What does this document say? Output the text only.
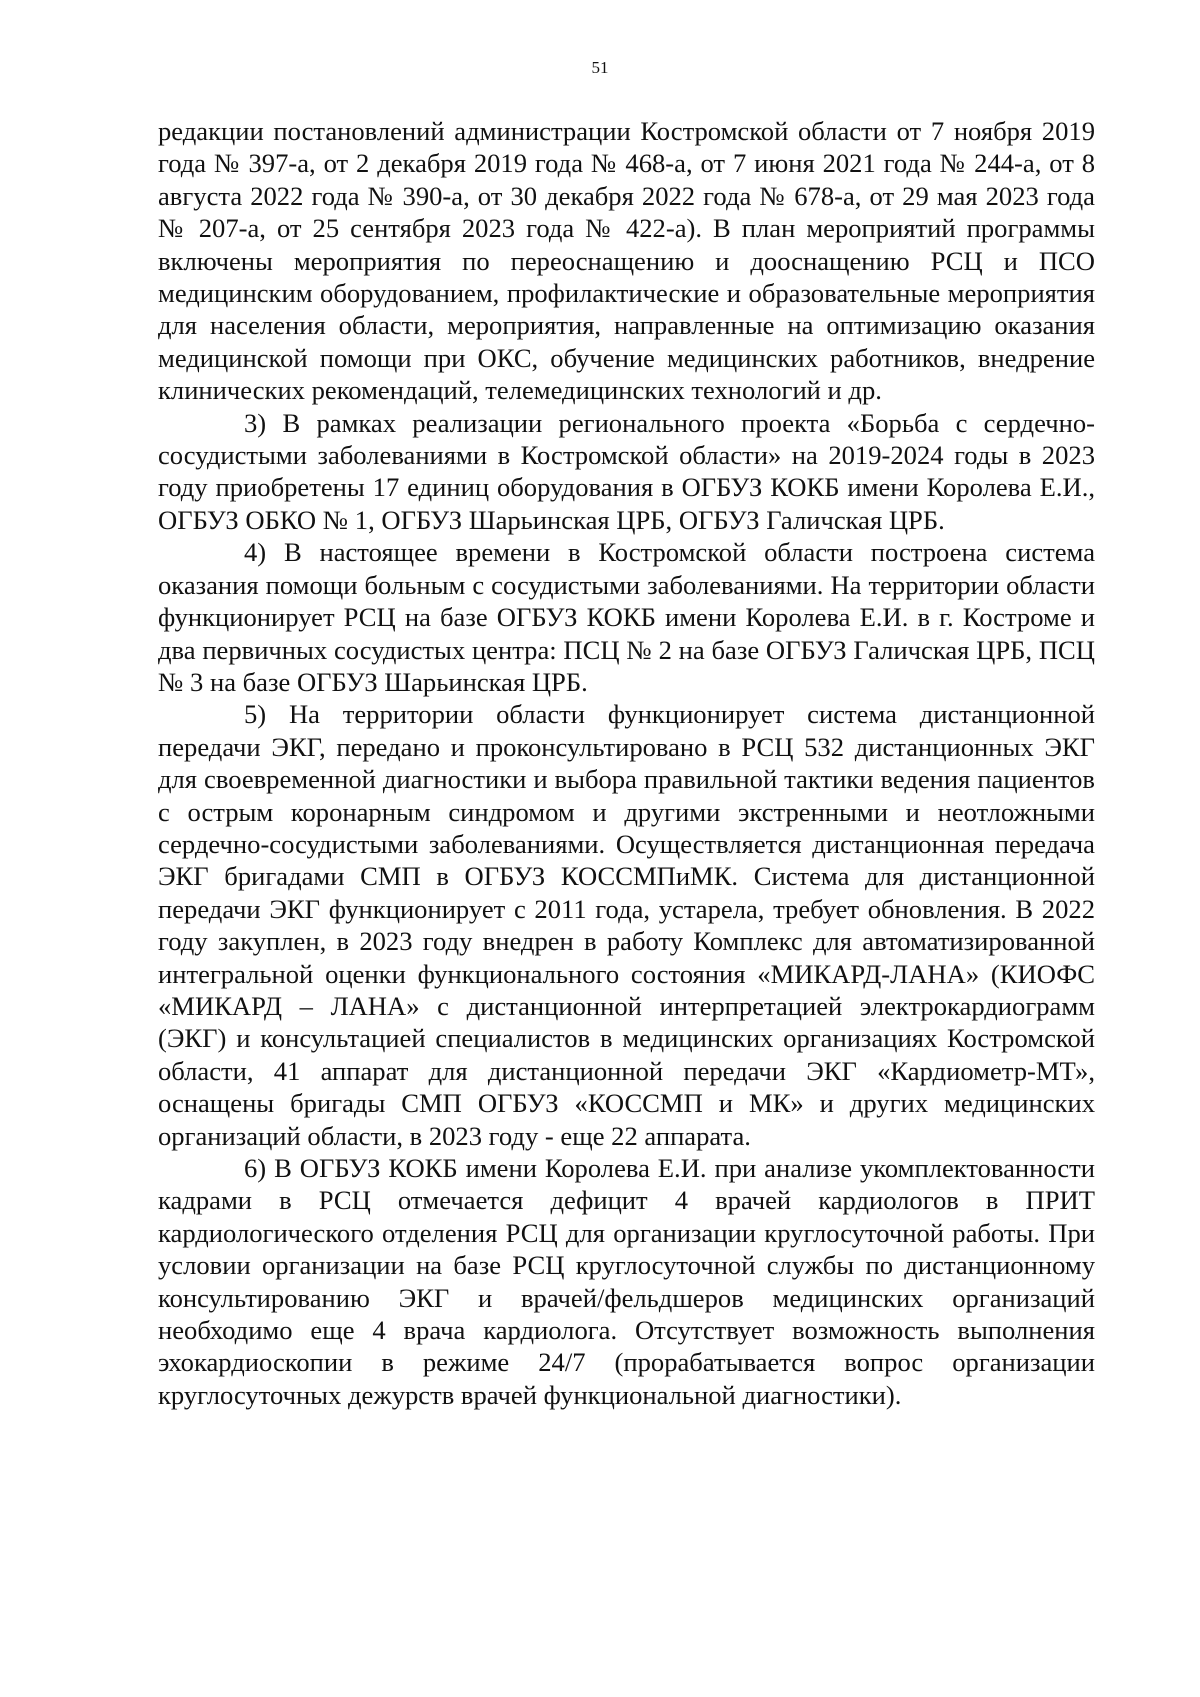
51

редакции постановлений администрации Костромской области от 7 ноября 2019 года № 397-а, от 2 декабря 2019 года № 468-а, от 7 июня 2021 года № 244-а, от 8 августа 2022 года № 390-а, от 30 декабря 2022 года № 678-а, от 29 мая 2023 года № 207-а, от 25 сентября 2023 года № 422-а). В план мероприятий программы включены мероприятия по переоснащению и дооснащению РСЦ и ПСО медицинским оборудованием, профилактические и образовательные мероприятия для населения области, мероприятия, направленные на оптимизацию оказания медицинской помощи при ОКС, обучение медицинских работников, внедрение клинических рекомендаций, телемедицинских технологий и др.

3) В рамках реализации регионального проекта «Борьба с сердечно-сосудистыми заболеваниями в Костромской области» на 2019-2024 годы в 2023 году приобретены 17 единиц оборудования в ОГБУЗ КОКБ имени Королева Е.И., ОГБУЗ ОБКО № 1, ОГБУЗ Шарьинская ЦРБ, ОГБУЗ Галичская ЦРБ.

4) В настоящее времени в Костромской области построена система оказания помощи больным с сосудистыми заболеваниями. На территории области функционирует РСЦ на базе ОГБУЗ КОКБ имени Королева Е.И. в г. Костроме и два первичных сосудистых центра: ПСЦ № 2 на базе ОГБУЗ Галичская ЦРБ, ПСЦ № 3 на базе ОГБУЗ Шарьинская ЦРБ.

5) На территории области функционирует система дистанционной передачи ЭКГ, передано и проконсультировано в РСЦ 532 дистанционных ЭКГ для своевременной диагностики и выбора правильной тактики ведения пациентов с острым коронарным синдромом и другими экстренными и неотложными сердечно-сосудистыми заболеваниями. Осуществляется дистанционная передача ЭКГ бригадами СМП в ОГБУЗ КОССМПиМК. Система для дистанционной передачи ЭКГ функционирует с 2011 года, устарела, требует обновления. В 2022 году закуплен, в 2023 году внедрен в работу Комплекс для автоматизированной интегральной оценки функционального состояния «МИКАРД-ЛАНА» (КИОФС «МИКАРД – ЛАНА» с дистанционной интерпретацией электрокардиограмм (ЭКГ) и консультацией специалистов в медицинских организациях Костромской области, 41 аппарат для дистанционной передачи ЭКГ «Кардиометр-МТ», оснащены бригады СМП ОГБУЗ «КОССМП и МК» и других медицинских организаций области, в 2023 году - еще 22 аппарата.

6) В ОГБУЗ КОКБ имени Королева Е.И. при анализе укомплектованности кадрами в РСЦ отмечается дефицит 4 врачей кардиологов в ПРИТ кардиологического отделения РСЦ для организации круглосуточной работы. При условии организации на базе РСЦ круглосуточной службы по дистанционному консультированию ЭКГ и врачей/фельдшеров медицинских организаций необходимо еще 4 врача кардиолога. Отсутствует возможность выполнения эхокардиоскопии в режиме 24/7 (прорабатывается вопрос организации круглосуточных дежурств врачей функциональной диагностики).
